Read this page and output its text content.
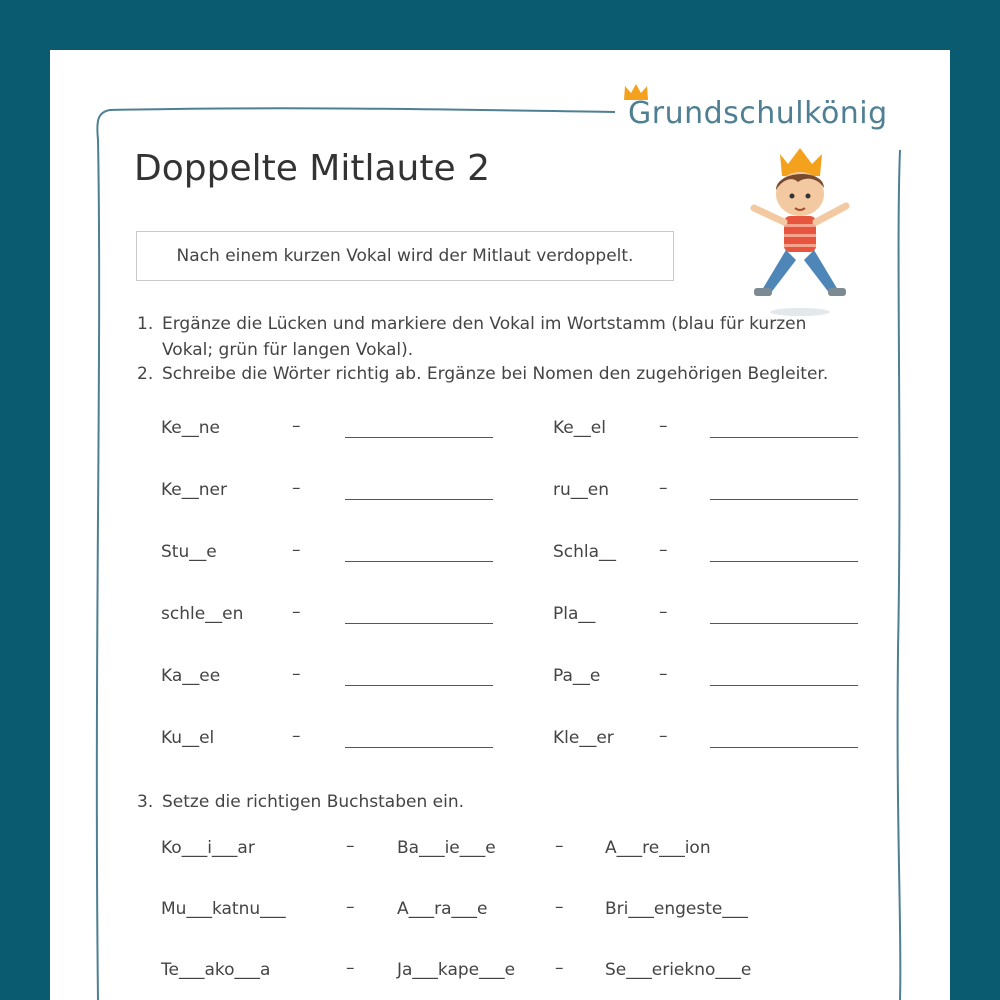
Grundschulkönig
Doppelte Mitlaute 2
Nach einem kurzen Vokal wird der Mitlaut verdoppelt.
1. Ergänze die Lücken und markiere den Vokal im Wortstamm (blau für kurzen Vokal; grün für langen Vokal).
2. Schreibe die Wörter richtig ab. Ergänze bei Nomen den zugehörigen Begleiter.
Ke__ne	–	Ke__el	–
Ke__ner	–	ru__en	–
Stu__e	–	Schla__	–
schle__en	–	Pla__	–
Ka__ee	–	Pa__e	–
Ku__el	–	Kle__er	–
3. Setze die richtigen Buchstaben ein.
Ko___i___ar	–	Ba___ie___e	– A___re___ion
Mu___katnu___	–	A___ra___e	– Bri___engeste___
Te___ako___a	–	Ja___kape___e – Se___eriekno___e
